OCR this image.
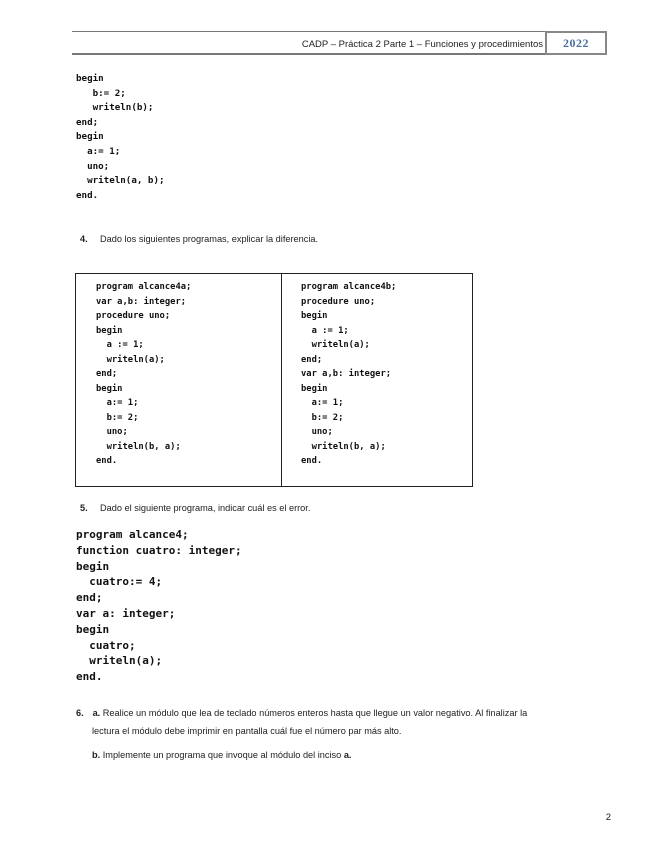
CADP – Práctica 2 Parte 1 – Funciones y procedimientos 2022
begin
b:= 2;
writeln(b);
end;
begin
a:= 1;
uno;
writeln(a, b);
end.
4. Dado los siguientes programas, explicar la diferencia.
program alcance4a;
var a,b: integer;
procedure uno;
begin
a := 1;
writeln(a);
end;
begin
a:= 1;
b:= 2;
uno;
writeln(b, a);
end.
program alcance4b;
procedure uno;
begin
a := 1;
writeln(a);
end;
var a,b: integer;
begin
a:= 1;
b:= 2;
uno;
writeln(b, a);
end.
5. Dado el siguiente programa, indicar cuál es el error.
program alcance4;
function cuatro: integer;
begin
cuatro:= 4;
end;
var a: integer;
begin
cuatro;
writeln(a);
end.
6. a. Realice un módulo que lea de teclado números enteros hasta que llegue un valor negativo. Al finalizar la
lectura el módulo debe imprimir en pantalla cuál fue el número par más alto.
b. Implemente un programa que invoque al módulo del inciso a.
2
